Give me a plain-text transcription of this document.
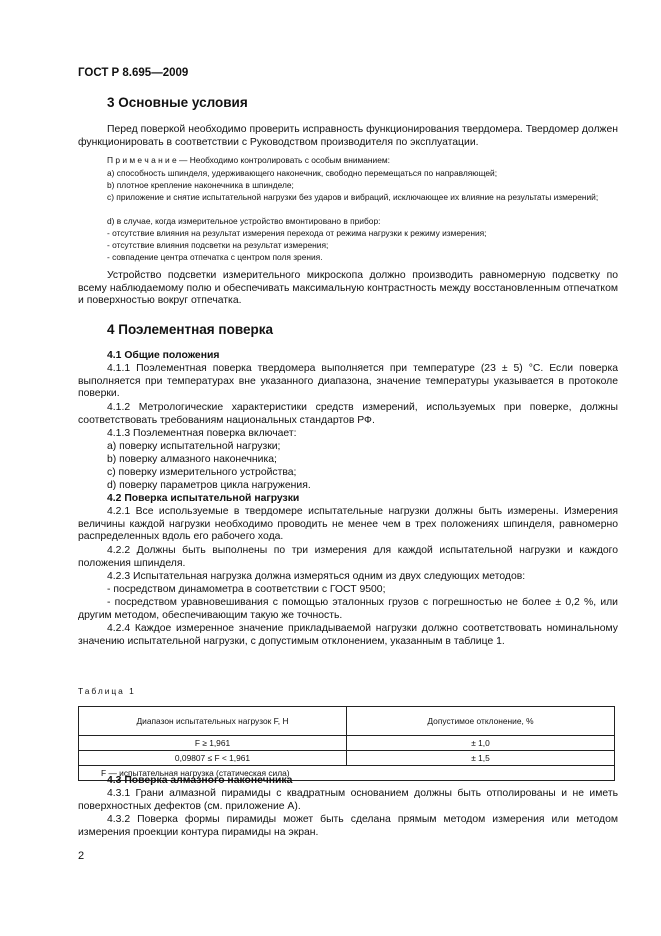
ГОСТ Р 8.695—2009
3 Основные условия
Перед поверкой необходимо проверить исправность функционирования твердомера. Твердомер должен функционировать в соответствии с Руководством производителя по эксплуатации.
П р и м е ч а н и е — Необходимо контролировать с особым вниманием:
a) способность шпинделя, удерживающего наконечник, свободно перемещаться по направляющей;
b) плотное крепление наконечника в шпинделе;
c) приложение и снятие испытательной нагрузки без ударов и вибраций, исключающее их влияние на результаты измерений;
d) в случае, когда измерительное устройство вмонтировано в прибор:
- отсутствие влияния на результат измерения перехода от режима нагрузки к режиму измерения;
- отсутствие влияния подсветки на результат измерения;
- совпадение центра отпечатка с центром поля зрения.
Устройство подсветки измерительного микроскопа должно производить равномерную подсветку по всему наблюдаемому полю и обеспечивать максимальную контрастность между восстановленным отпечатком и поверхностью вокруг отпечатка.
4 Поэлементная поверка
4.1 Общие положения
4.1.1 Поэлементная поверка твердомера выполняется при температуре (23 ± 5) °С. Если поверка выполняется при температурах вне указанного диапазона, значение температуры указывается в протоколе поверки.
4.1.2 Метрологические характеристики средств измерений, используемых при поверке, должны соответствовать требованиям национальных стандартов РФ.
4.1.3 Поэлементная поверка включает:
a) поверку испытательной нагрузки;
b) поверку алмазного наконечника;
c) поверку измерительного устройства;
d) поверку параметров цикла нагружения.
4.2 Поверка испытательной нагрузки
4.2.1 Все используемые в твердомере испытательные нагрузки должны быть измерены. Измерения величины каждой нагрузки необходимо проводить не менее чем в трех положениях шпинделя, равномерно распределенных вдоль его рабочего хода.
4.2.2 Должны быть выполнены по три измерения для каждой испытательной нагрузки и каждого положения шпинделя.
4.2.3 Испытательная нагрузка должна измеряться одним из двух следующих методов:
- посредством динамометра в соответствии с ГОСТ 9500;
- посредством уравновешивания с помощью эталонных грузов с погрешностью не более ± 0,2 %, или другим методом, обеспечивающим такую же точность.
4.2.4 Каждое измеренное значение прикладываемой нагрузки должно соответствовать номинальному значению испытательной нагрузки, с допустимым отклонением, указанным в таблице 1.
Таблица 1
Диапазон испытательных нагрузок F, Н	Допустимое отклонение, %
F ≥ 1,961	± 1,0
0,09807 ≤ F < 1,961	± 1,5
F — испытательная нагрузка (статическая сила)	
4.3 Поверка алмазного наконечника
4.3.1 Грани алмазной пирамиды с квадратным основанием должны быть отполированы и не иметь поверхностных дефектов (см. приложение А).
4.3.2 Поверка формы пирамиды может быть сделана прямым методом измерения или методом измерения проекции контура пирамиды на экран.
2
